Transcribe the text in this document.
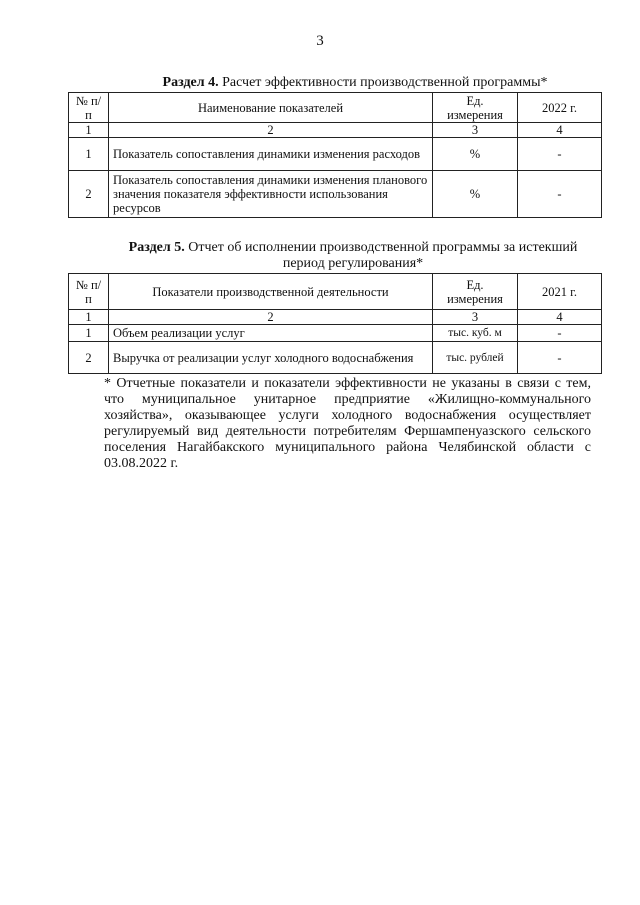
3
Раздел 4. Расчет эффективности производственной программы*
№ п/п	Наименование показателей	Ед. измерения	2022 г.
1	2	3	4
1	Показатель сопоставления динамики изменения расходов	%	-
2	Показатель сопоставления динамики изменения планового значения показателя эффективности использования ресурсов	%	-
Раздел 5. Отчет об исполнении производственной программы за истекший период регулирования*
№ п/п	Показатели производственной деятельности	Ед. измерения	2021 г.
1	2	3	4
1	Объем реализации услуг	тыс. куб. м	-
2	Выручка от реализации услуг холодного водоснабжения	тыс. рублей	-

* Отчетные показатели и показатели эффективности не указаны в связи с тем, что муниципальное унитарное предприятие «Жилищно-коммунального хозяйства», оказывающее услуги холодного водоснабжения осуществляет регулируемый вид деятельности потребителям Фершампенуазского сельского поселения Нагайбакского муниципального района Челябинской области с 03.08.2022 г.
